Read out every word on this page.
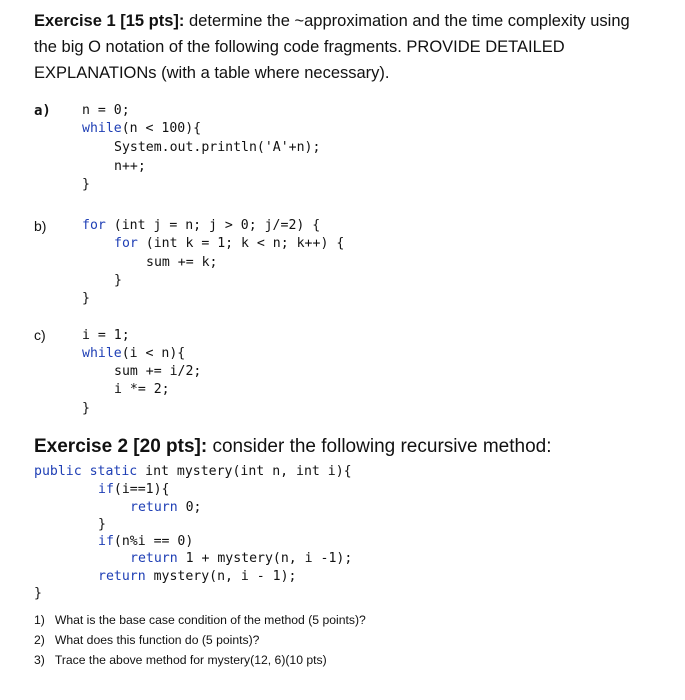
Exercise 1 [15 pts]: determine the ~approximation and the time complexity using
the big O notation of the following code fragments. PROVIDE DETAILED
EXPLANATIONs (with a table where necessary).
a) n = 0;
while(n < 100){
System.out.println('A'+n);
n++;
}
b)	for (int j = n; j > 0; j/=2) {
for (int k = 1; k < n; k++) {
sum += k;
}
}
c)	i = 1;
while(i < n){
sum += i/2;
i *= 2;
}
Exercise 2 [20 pts]: consider the following recursive method:
public static int mystery(int n, int i){
if(i==1){
return 0;
}
if(n%i == 0)
return 1 + mystery(n, i -1);
return mystery(n, i - 1);
}
1) What is the base case condition of the method (5 points)?
2) What does this function do (5 points)?
3) Trace the above method for mystery(12, 6)(10 pts)
